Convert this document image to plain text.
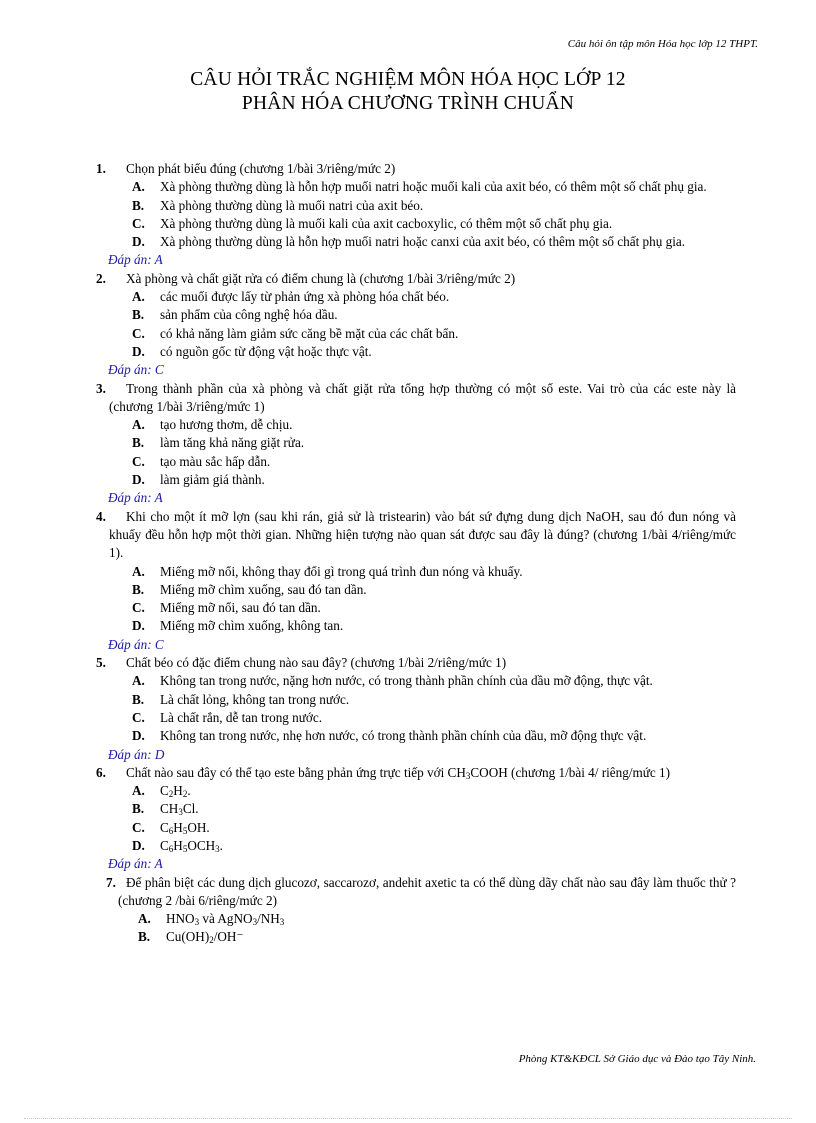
Câu hỏi ôn tập môn Hóa học lớp 12 THPT.
CÂU HỎI TRẮC NGHIỆM MÔN HÓA HỌC LỚP 12
PHÂN HÓA CHƯƠNG TRÌNH CHUẨN
1. Chọn phát biểu đúng (chương 1/bài 3/riêng/mức 2)
A.	Xà phòng thường dùng là hỗn hợp muối natri hoặc muối kali của axit béo, có thêm một số chất phụ gia.
B.	Xà phòng thường dùng là muối natri của axit béo.
C.	Xà phòng thường dùng là muối kali của axit cacboxylic, có thêm một số chất phụ gia.
D.	Xà phòng thường dùng là hỗn hợp muối natri hoặc canxi của axit béo, có thêm một số chất phụ gia.
Đáp án: A
2. Xà phòng và chất giặt rửa có điểm chung là (chương 1/bài 3/riêng/mức 2)
A.	các muối được lấy từ phản ứng xà phòng hóa chất béo.
B.	sản phẩm của công nghệ hóa dầu.
C.	có khả năng làm giảm sức căng bề mặt của các chất bẩn.
D.	có nguồn gốc từ động vật hoặc thực vật.
Đáp án: C
3. Trong thành phần của xà phòng và chất giặt rửa tổng hợp thường có một số este. Vai trò của các este này là (chương 1/bài 3/riêng/mức 1)
A.	tạo hương thơm, dễ chịu.
B.	làm tăng khả năng giặt rửa.
C.	tạo màu sắc hấp dẫn.
D.	làm giảm giá thành.
Đáp án: A
4. Khi cho một ít mỡ lợn (sau khi rán, giả sử là tristearin) vào bát sứ đựng dung dịch NaOH, sau đó đun nóng và khuấy đều hỗn hợp một thời gian. Những hiện tượng nào quan sát được sau đây là đúng? (chương 1/bài 4/riêng/mức 1).
A.	Miếng mỡ nổi, không thay đổi gì trong quá trình đun nóng và khuấy.
B.	Miếng mỡ chìm xuống, sau đó tan dần.
C.	Miếng mỡ nổi, sau đó tan dần.
D.	Miếng mỡ chìm xuống, không tan.
Đáp án: C
5. Chất béo có đặc điểm chung nào sau đây? (chương 1/bài 2/riêng/mức 1)
A.	Không tan trong nước, nặng hơn nước, có trong thành phần chính của dầu mỡ động, thực vật.
B.	Là chất lỏng, không tan trong nước.
C.	Là chất rắn, dễ tan trong nước.
D.	Không tan trong nước, nhẹ hơn nước, có trong thành phần chính của dầu, mỡ động thực vật.
Đáp án: D
6. Chất nào sau đây có thể tạo este bằng phản ứng trực tiếp với $CH_3COOH$ (chương 1/bài 4/ riêng/mức 1)
A.	$C_2H_2$.
B.	$CH_3Cl$.
C.	$C_6H_5OH$.
D.	$C_6H_5OCH_3$.
Đáp án: A
7. Để phân biệt các dung dịch glucozơ, saccarozơ, andehit axetic ta có thể dùng dãy chất nào sau đây làm thuốc thử ? (chương 2 /bài 6/riêng/mức 2)
A.	$HNO_3$ và $AgNO_3/NH_3$
B.	$Cu(OH)_2/OH^-$
Phòng KT&KĐCL Sở Giáo dục và Đào tạo Tây Ninh.
